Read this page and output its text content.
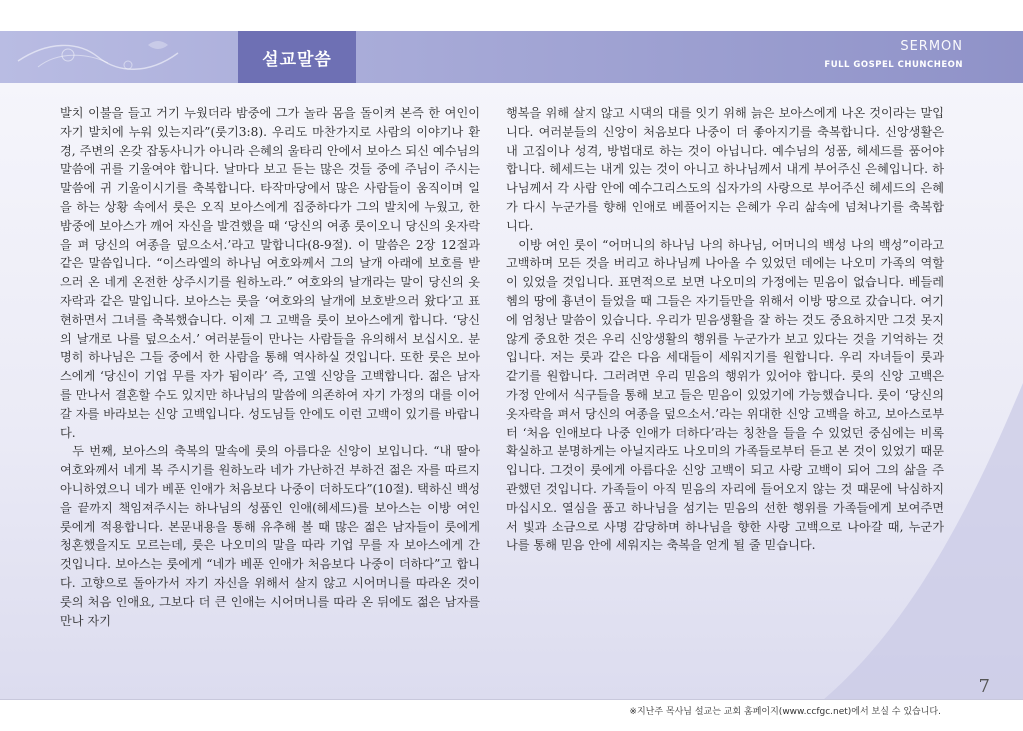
설교말씀
SERMON
FULL GOSPEL CHUNCHEON

발치 이불을 들고 거기 누웠더라 밤중에 그가 놀라 몸을 돌이켜 본즉 한 여인이 자기 발치에 누워 있는지라”(룻기3:8). 우리도 마찬가지로 사람의 이야기나 환경, 주변의 온갖 잡동사니가 아니라 은혜의 울타리 안에서 보아스 되신 예수님의 말씀에 귀를 기울여야 합니다. 날마다 보고 듣는 많은 것들 중에 주님이 주시는 말씀에 귀 기울이시기를 축복합니다. 타작마당에서 많은 사람들이 움직이며 일을 하는 상황 속에서 룻은 오직 보아스에게 집중하다가 그의 발치에 누웠고, 한밤중에 보아스가 깨어 자신을 발견했을 때 ‘당신의 여종 룻이오니 당신의 옷자락을 펴 당신의 여종을 덮으소서.’라고 말합니다(8-9절). 이 말씀은 2장 12절과 같은 말씀입니다. “이스라엘의 하나님 여호와께서 그의 날개 아래에 보호를 받으러 온 네게 온전한 상주시기를 원하노라.” 여호와의 날개라는 말이 당신의 옷자락과 같은 말입니다. 보아스는 룻을 ‘여호와의 날개에 보호받으러 왔다’고 표현하면서 그녀를 축복했습니다. 이제 그 고백을 룻이 보아스에게 합니다. ‘당신의 날개로 나를 덮으소서.’ 여러분들이 만나는 사람들을 유의해서 보십시오. 분명히 하나님은 그들 중에서 한 사람을 통해 역사하실 것입니다. 또한 룻은 보아스에게 ‘당신이 기업 무를 자가 됨이라’ 즉, 고엘 신앙을 고백합니다. 젊은 남자를 만나서 결혼할 수도 있지만 하나님의 말씀에 의존하여 자기 가정의 대를 이어갈 자를 바라보는 신앙 고백입니다. 성도님들 안에도 이런 고백이 있기를 바랍니다.

두 번째, 보아스의 축복의 말속에 룻의 아름다운 신앙이 보입니다. “내 딸아 여호와께서 네게 복 주시기를 원하노라 네가 가난하건 부하건 젊은 자를 따르지 아니하였으니 네가 베푼 인애가 처음보다 나중이 더하도다”(10절). 택하신 백성을 끝까지 책임져주시는 하나님의 성품인 인애(헤세드)를 보아스는 이방 여인 룻에게 적용합니다. 본문내용을 통해 유추해 볼 때 많은 젊은 남자들이 룻에게 청혼했을지도 모르는데, 룻은 나오미의 말을 따라 기업 무를 자 보아스에게 간 것입니다. 보아스는 룻에게 “네가 베푼 인애가 처음보다 나중이 더하다”고 합니다. 고향으로 돌아가서 자기 자신을 위해서 살지 않고 시어머니를 따라온 것이 룻의 처음 인애요, 그보다 더 큰 인애는 시어머니를 따라 온 뒤에도 젊은 남자를 만나 자기

행복을 위해 살지 않고 시댁의 대를 잇기 위해 늙은 보아스에게 나온 것이라는 말입니다. 여러분들의 신앙이 처음보다 나중이 더 좋아지기를 축복합니다. 신앙생활은 내 고집이나 성격, 방법대로 하는 것이 아닙니다. 예수님의 성품, 헤세드를 품어야 합니다. 헤세드는 내게 있는 것이 아니고 하나님께서 내게 부어주신 은혜입니다. 하나님께서 각 사람 안에 예수그리스도의 십자가의 사랑으로 부어주신 헤세드의 은혜가 다시 누군가를 향해 인애로 베풀어지는 은혜가 우리 삶속에 넘쳐나기를 축복합니다.

이방 여인 룻이 “어머니의 하나님 나의 하나님, 어머니의 백성 나의 백성”이라고 고백하며 모든 것을 버리고 하나님께 나아올 수 있었던 데에는 나오미 가족의 역할이 있었을 것입니다. 표면적으로 보면 나오미의 가정에는 믿음이 없습니다. 베들레헴의 땅에 흉년이 들었을 때 그들은 자기들만을 위해서 이방 땅으로 갔습니다. 여기에 엄청난 말씀이 있습니다. 우리가 믿음생활을 잘 하는 것도 중요하지만 그것 못지않게 중요한 것은 우리 신앙생활의 행위를 누군가가 보고 있다는 것을 기억하는 것입니다. 저는 룻과 같은 다음 세대들이 세워지기를 원합니다. 우리 자녀들이 룻과 같기를 원합니다. 그러려면 우리 믿음의 행위가 있어야 합니다. 룻의 신앙 고백은 가정 안에서 식구들을 통해 보고 들은 믿음이 있었기에 가능했습니다. 룻이 ‘당신의 옷자락을 펴서 당신의 여종을 덮으소서.’라는 위대한 신앙 고백을 하고, 보아스로부터 ‘처음 인애보다 나중 인애가 더하다’라는 칭찬을 들을 수 있었던 중심에는 비록 확실하고 분명하게는 아닐지라도 나오미의 가족들로부터 듣고 본 것이 있었기 때문입니다. 그것이 룻에게 아름다운 신앙 고백이 되고 사랑 고백이 되어 그의 삶을 주관했던 것입니다. 가족들이 아직 믿음의 자리에 들어오지 않는 것 때문에 낙심하지 마십시오. 열심을 품고 하나님을 섬기는 믿음의 선한 행위를 가족들에게 보여주면서 빛과 소금으로 사명 감당하며 하나님을 향한 사랑 고백으로 나아갈 때, 누군가 나를 통해 믿음 안에 세워지는 축복을 얻게 될 줄 믿습니다.

7
※지난주 목사님 설교는 교회 홈페이지(www.ccfgc.net)에서 보실 수 있습니다.
